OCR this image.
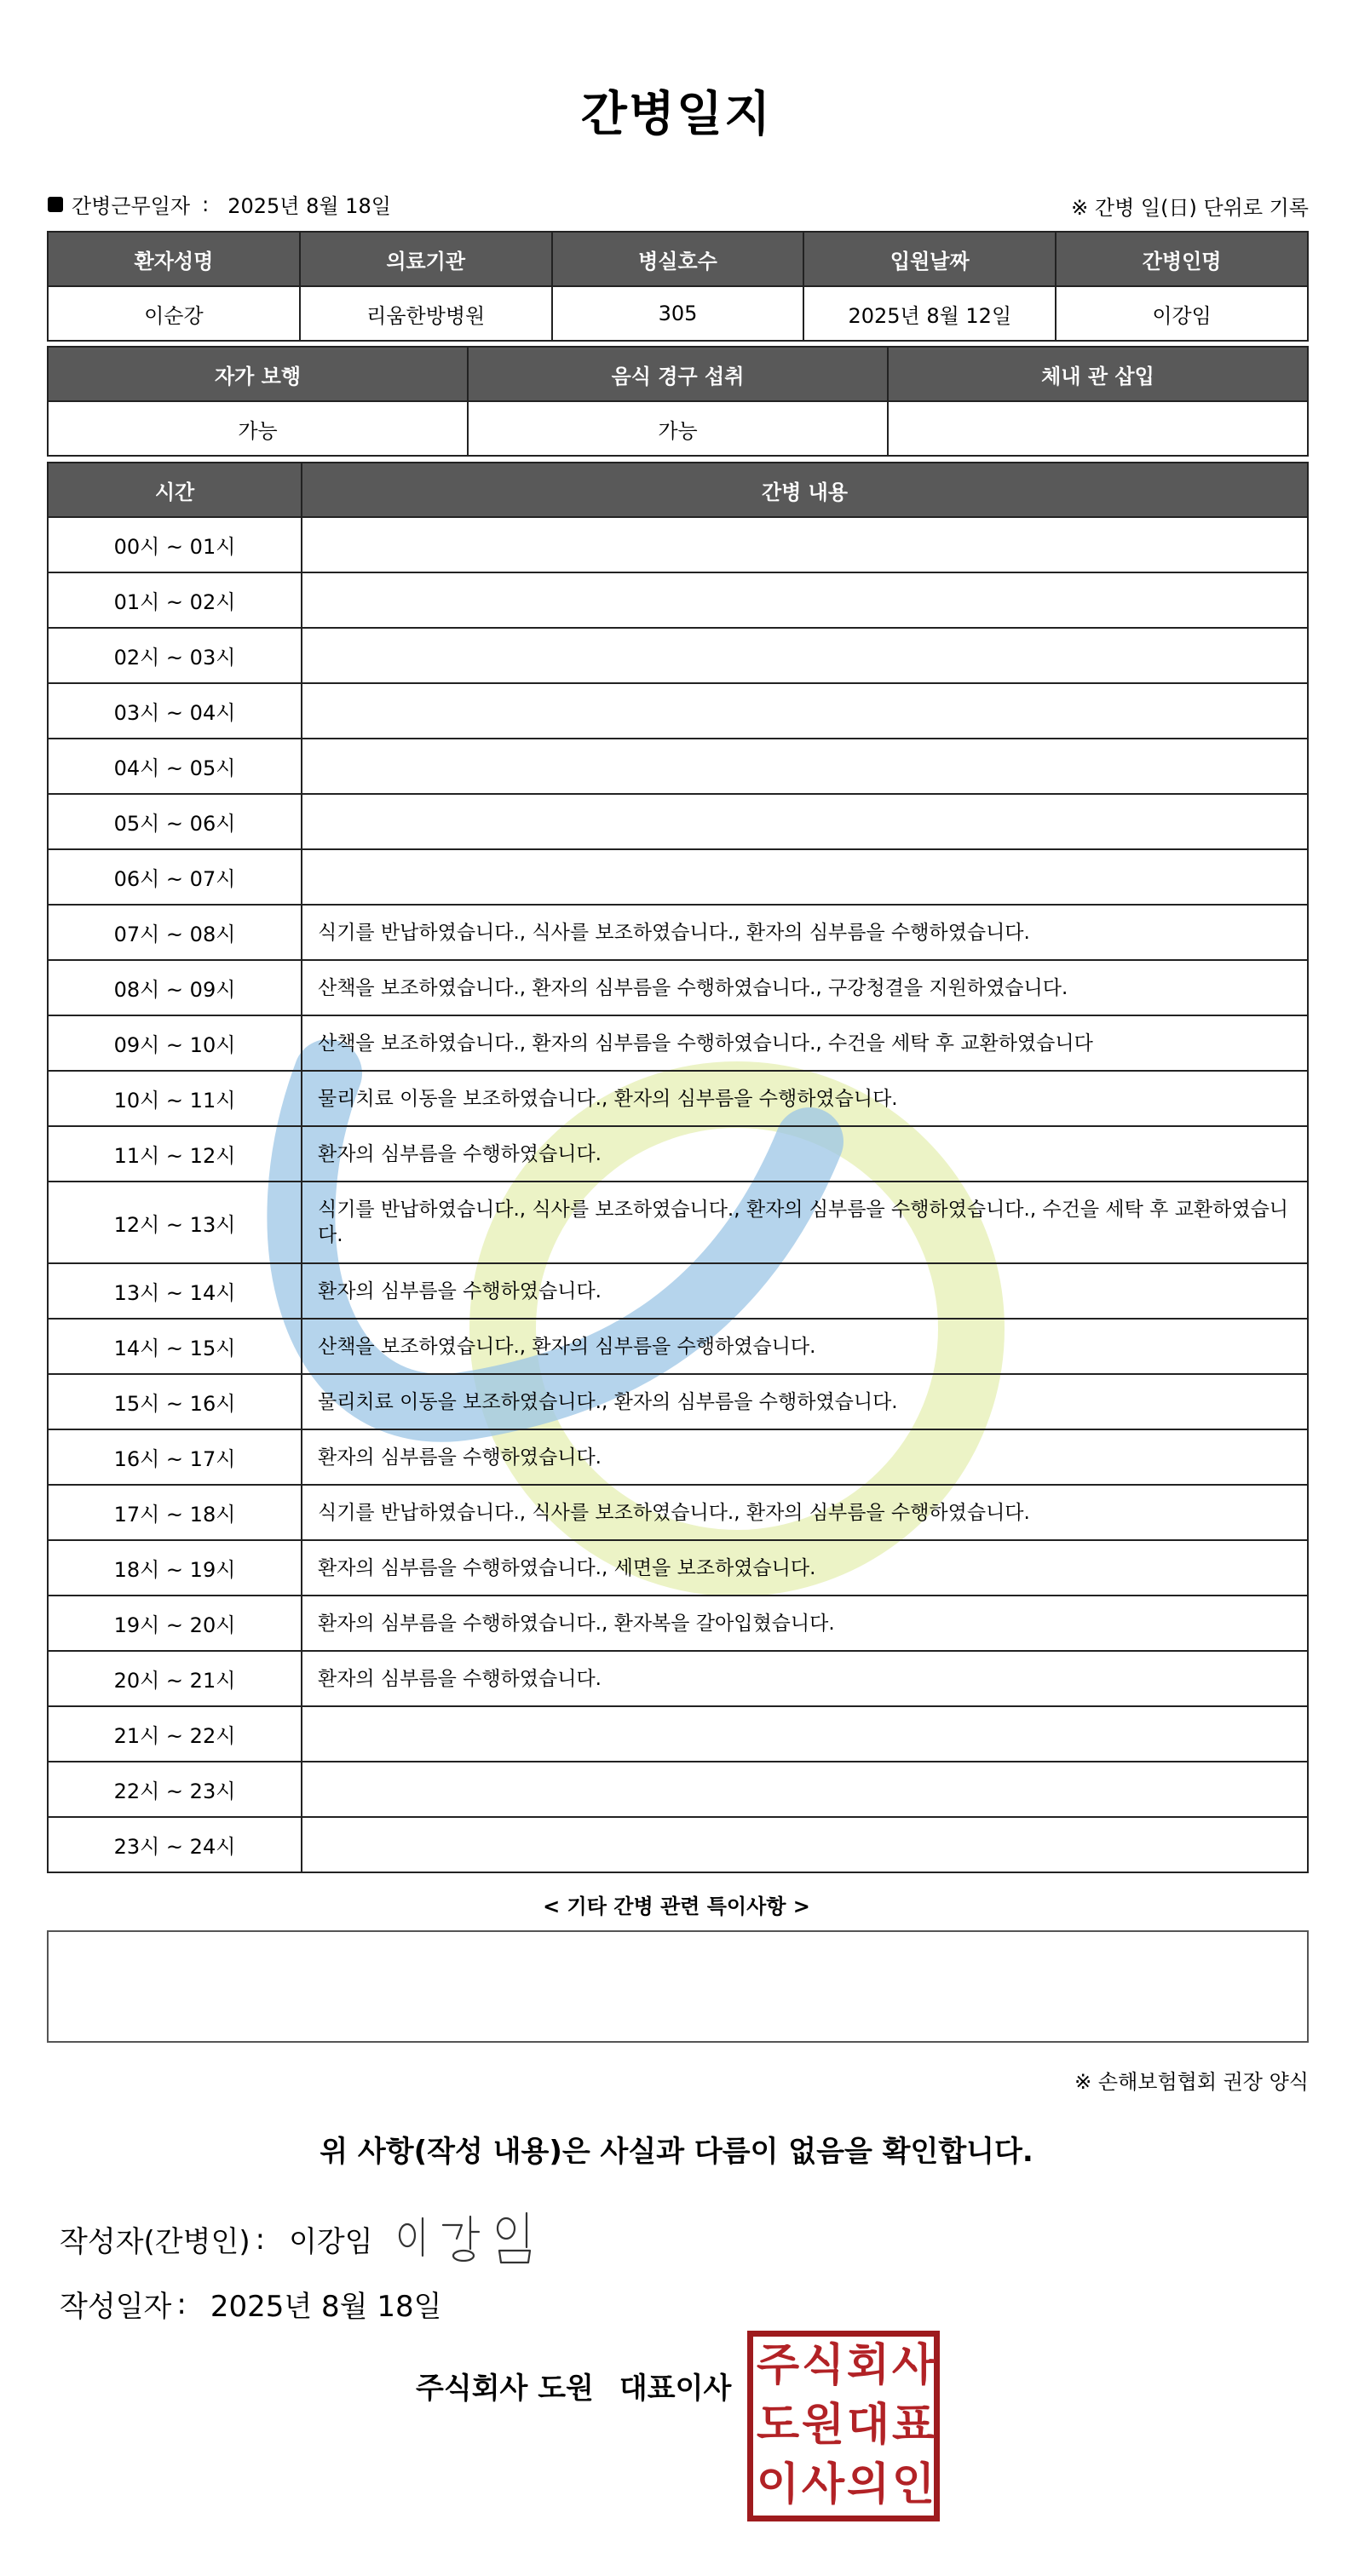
간병일지
간병근무일자 : 2025년 8월 18일	※ 간병 일(日) 단위로 기록
환자성명	의료기관	병실호수	입원날짜	간병인명
이순강	리움한방병원	305	2025년 8월 12일	이강임
자가 보행	음식 경구 섭취	체내 관 삽입
가능	가능	
시간	간병 내용
00시 ~ 01시	
01시 ~ 02시	
02시 ~ 03시	
03시 ~ 04시	
04시 ~ 05시	
05시 ~ 06시	
06시 ~ 07시	
07시 ~ 08시	식기를 반납하였습니다., 식사를 보조하였습니다., 환자의 심부름을 수행하였습니다.
08시 ~ 09시	산책을 보조하였습니다., 환자의 심부름을 수행하였습니다., 구강청결을 지원하였습니다.
09시 ~ 10시	산책을 보조하였습니다., 환자의 심부름을 수행하였습니다., 수건을 세탁 후 교환하였습니다
10시 ~ 11시	물리치료 이동을 보조하였습니다., 환자의 심부름을 수행하였습니다.
11시 ~ 12시	환자의 심부름을 수행하였습니다.
12시 ~ 13시	식기를 반납하였습니다., 식사를 보조하였습니다., 환자의 심부름을 수행하였습니다., 수건을 세탁 후 교환하였습니다.
13시 ~ 14시	환자의 심부름을 수행하였습니다.
14시 ~ 15시	산책을 보조하였습니다., 환자의 심부름을 수행하였습니다.
15시 ~ 16시	물리치료 이동을 보조하였습니다., 환자의 심부름을 수행하였습니다.
16시 ~ 17시	환자의 심부름을 수행하였습니다.
17시 ~ 18시	식기를 반납하였습니다., 식사를 보조하였습니다., 환자의 심부름을 수행하였습니다.
18시 ~ 19시	환자의 심부름을 수행하였습니다., 세면을 보조하였습니다.
19시 ~ 20시	환자의 심부름을 수행하였습니다., 환자복을 갈아입혔습니다.
20시 ~ 21시	환자의 심부름을 수행하였습니다.
21시 ~ 22시	
22시 ~ 23시	
23시 ~ 24시	
< 기타 간병 관련 특이사항 >
※ 손해보험협회 권장 양식
위 사항(작성 내용)은 사실과 다름이 없음을 확인합니다.
작성자(간병인) : 이강임
작성일자 : 2025년 8월 18일
주식회사 도원 대표이사 주 식 회 사
도 원 대 표
이 사 의 인
